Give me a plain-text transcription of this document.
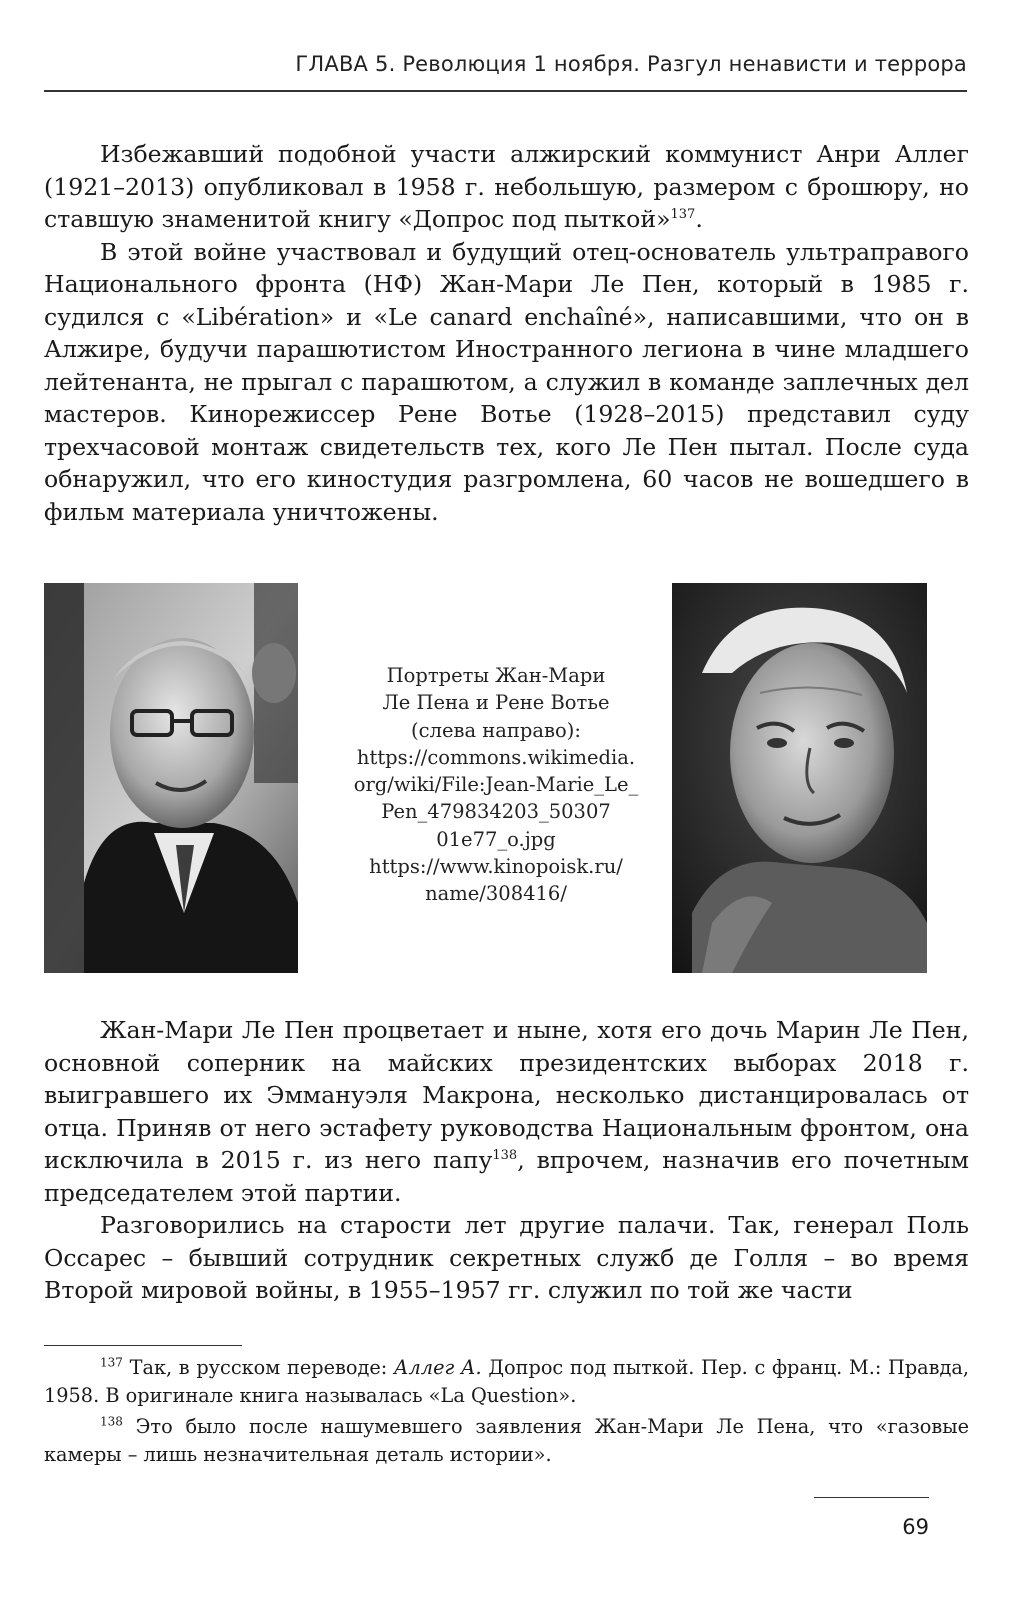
ГЛАВА 5. Революция 1 ноября. Разгул ненависти и террора

Избежавший подобной участи алжирский коммунист Анри Аллег (1921–2013) опубликовал в 1958 г. небольшую, размером с брошюру, но ставшую знаменитой книгу «Допрос под пыткой»$^{137}$.

В этой войне участвовал и будущий отец-основатель ультраправого Национального фронта (НФ) Жан-Мари Ле Пен, который в 1985 г. судился с «Libération» и «Le canard enchaîné», написавшими, что он в Алжире, будучи парашютистом Иностранного легиона в чине младшего лейтенанта, не прыгал с парашютом, а служил в команде заплечных дел мастеров. Кинорежиссер Рене Вотье (1928–2015) представил суду трехчасовой монтаж свидетельств тех, кого Ле Пен пытал. После суда обнаружил, что его киностудия разгромлена, 60 часов не вошедшего в фильм материала уничтожены.

Портреты Жан-Мари
Ле Пена и Рене Вотье
(слева направо):
https://commons.wikimedia.
org/wiki/File:Jean-Marie_Le_
Pen_479834203_50307
01e77_o.jpg
https://www.kinopoisk.ru/
name/308416/

Жан-Мари Ле Пен процветает и ныне, хотя его дочь Марин Ле Пен, основной соперник на майских президентских выборах 2018 г. выигравшего их Эммануэля Макрона, несколько дистанцировалась от отца. Приняв от него эстафету руководства Национальным фронтом, она исключила в 2015 г. из него папу$^{138}$, впрочем, назначив его почетным председателем этой партии.

Разговорились на старости лет другие палачи. Так, генерал Поль Оссарес – бывший сотрудник секретных служб де Голля – во время Второй мировой войны, в 1955–1957 гг. служил по той же части

$^{137}$ Так, в русском переводе: Аллег А. Допрос под пыткой. Пер. с франц. М.: Правда, 1958. В оригинале книга называлась «La Question».

$^{138}$ Это было после нашумевшего заявления Жан-Мари Ле Пена, что «газовые камеры – лишь незначительная деталь истории».

69
